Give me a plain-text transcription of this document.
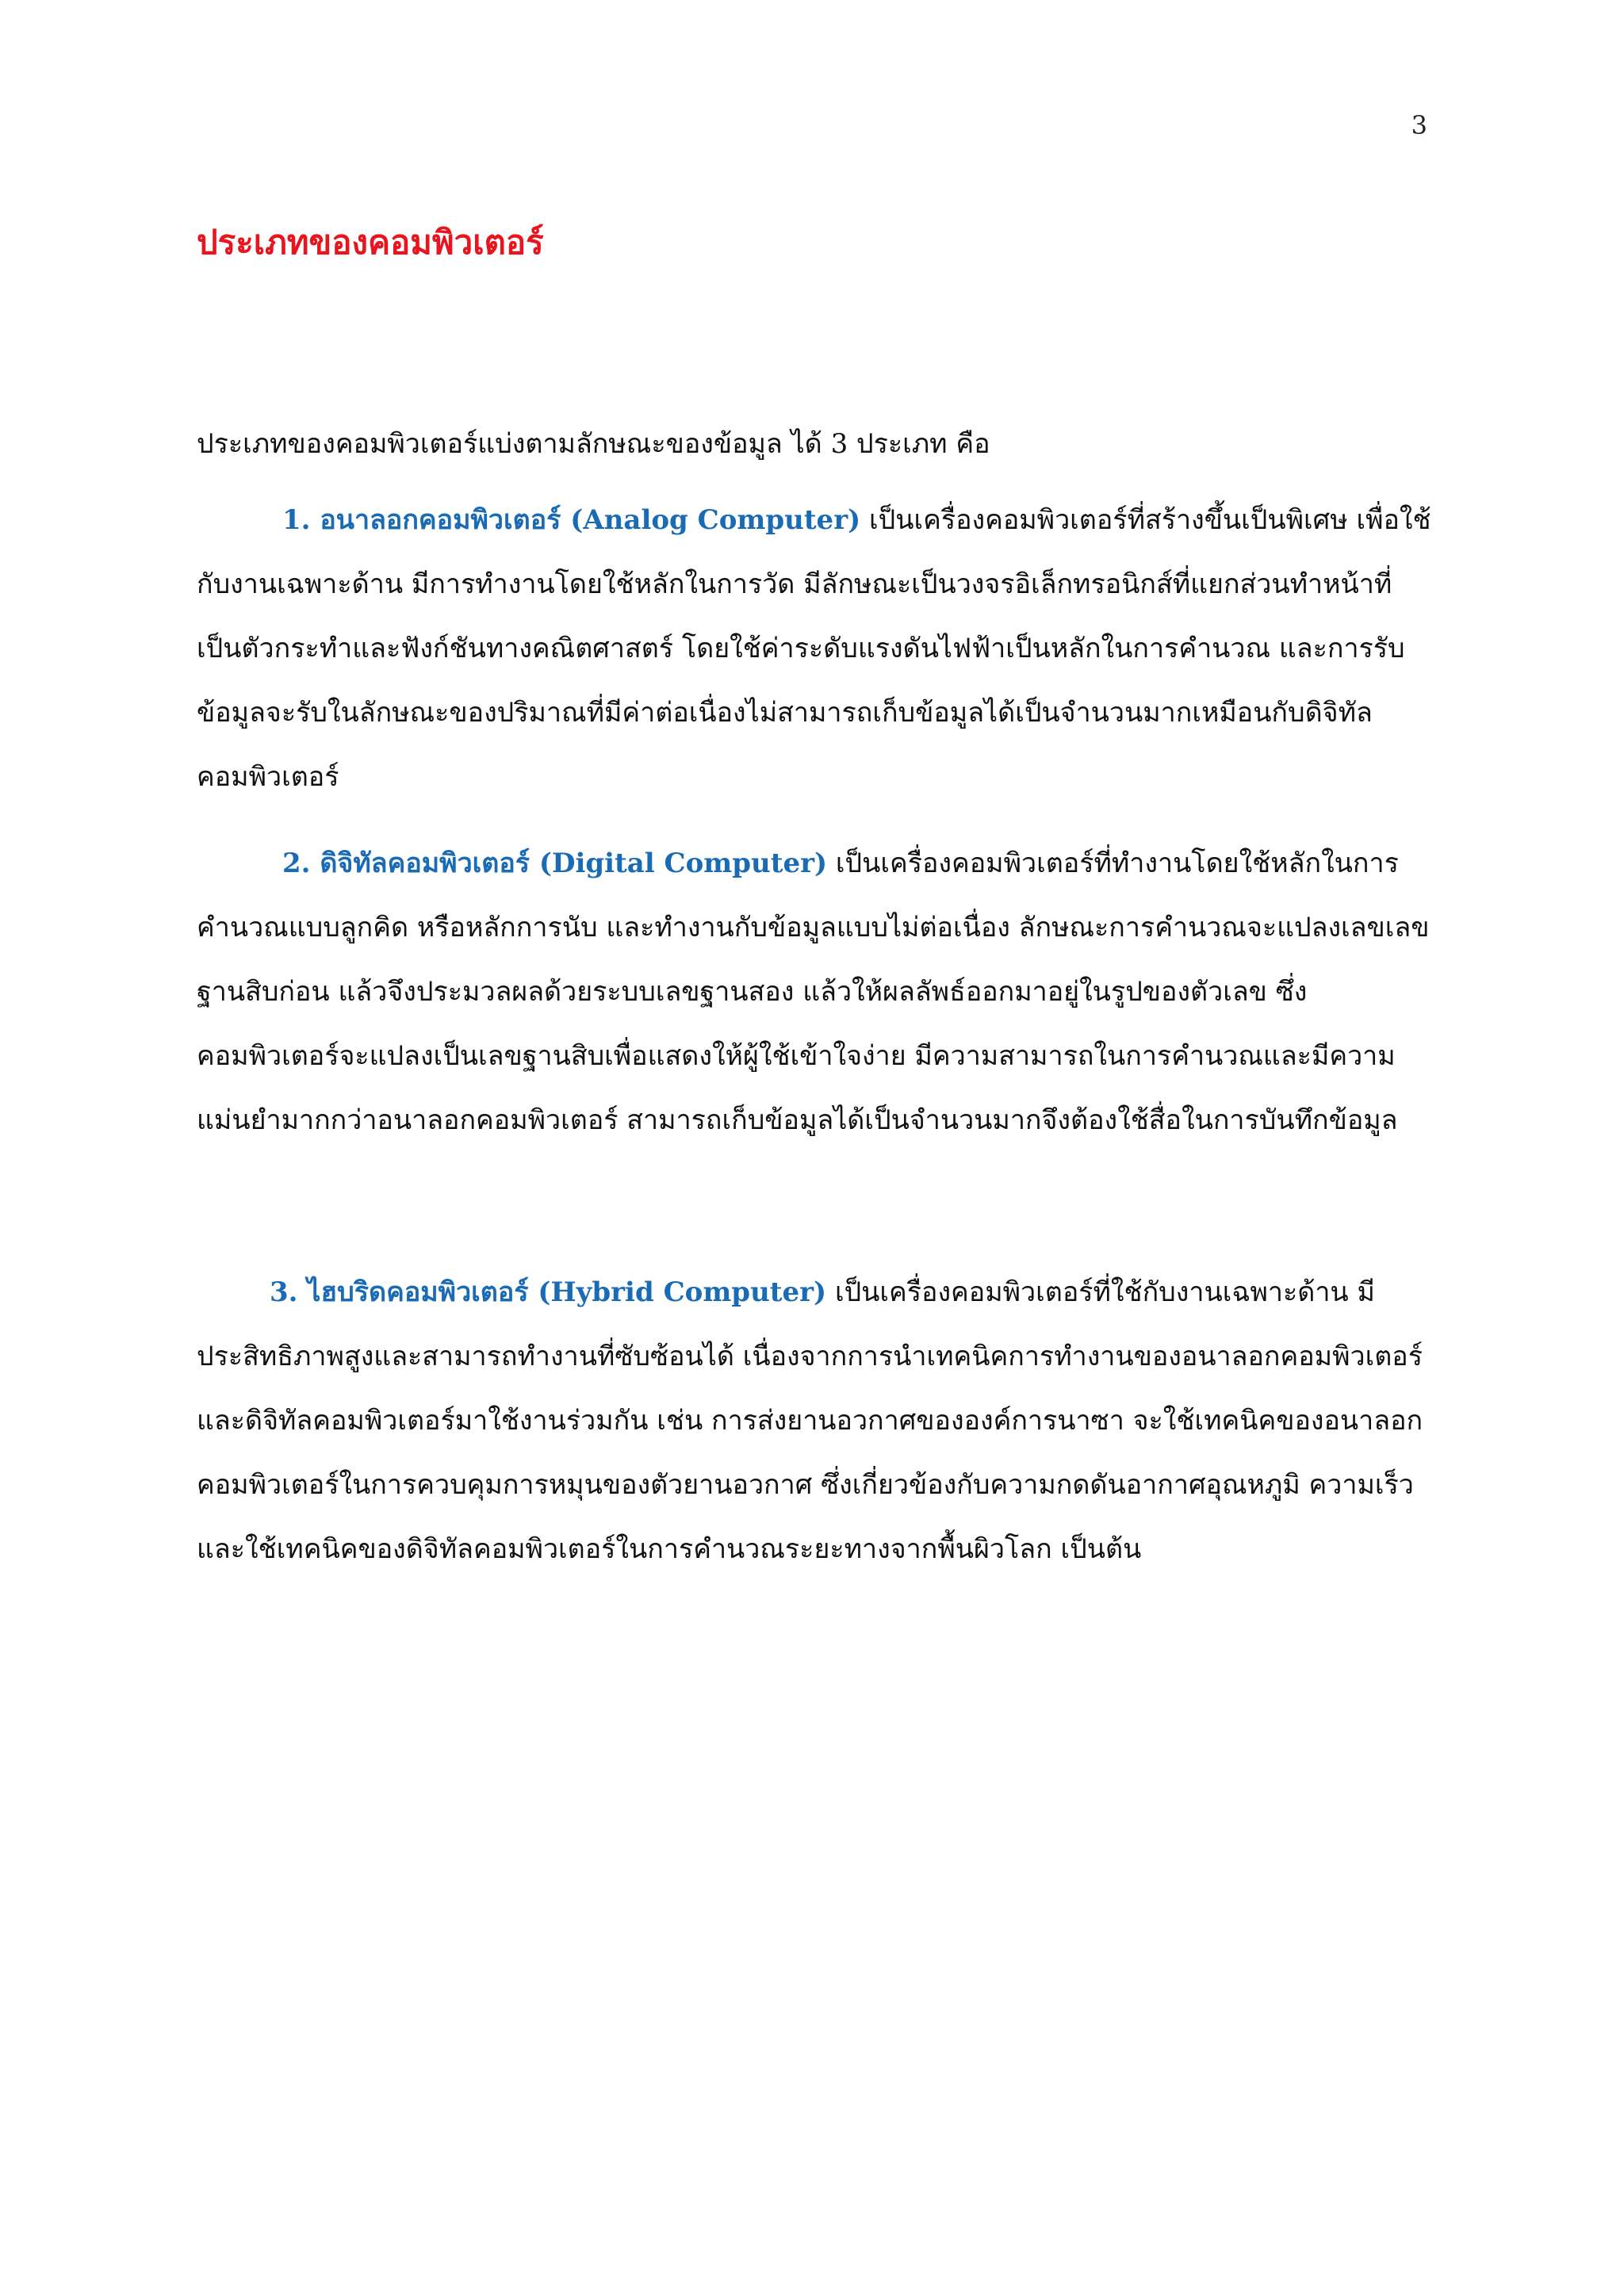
3
ประเภทของคอมพิวเตอร์

ประเภทของคอมพิวเตอร์แบ่งตามลักษณะของข้อมูล ได้ 3 ประเภท คือ

1. อนาลอกคอมพิวเตอร์ (Analog Computer) เป็นเครื่องคอมพิวเตอร์ที่สร้างขึ้นเป็นพิเศษ เพื่อใช้กับงานเฉพาะด้าน มีการทำงานโดยใช้หลักในการวัด มีลักษณะเป็นวงจรอิเล็กทรอนิกส์ที่แยกส่วนทำหน้าที่เป็นตัวกระทำและฟังก์ชันทางคณิตศาสตร์ โดยใช้ค่าระดับแรงดันไฟฟ้าเป็นหลักในการคำนวณ และการรับข้อมูลจะรับในลักษณะของปริมาณที่มีค่าต่อเนื่องไม่สามารถเก็บข้อมูลได้เป็นจำนวนมากเหมือนกับดิจิทัลคอมพิวเตอร์

2. ดิจิทัลคอมพิวเตอร์ (Digital Computer) เป็นเครื่องคอมพิวเตอร์ที่ทำงานโดยใช้หลักในการคำนวณแบบลูกคิด หรือหลักการนับ และทำงานกับข้อมูลแบบไม่ต่อเนื่อง ลักษณะการคำนวณจะแปลงเลขเลขฐานสิบก่อน แล้วจึงประมวลผลด้วยระบบเลขฐานสอง แล้วให้ผลลัพธ์ออกมาอยู่ในรูปของตัวเลข ซึ่งคอมพิวเตอร์จะแปลงเป็นเลขฐานสิบเพื่อแสดงให้ผู้ใช้เข้าใจง่าย มีความสามารถในการคำนวณและมีความแม่นยำมากกว่าอนาลอกคอมพิวเตอร์ สามารถเก็บข้อมูลได้เป็นจำนวนมากจึงต้องใช้สื่อในการบันทึกข้อมูล

3. ไฮบริดคอมพิวเตอร์ (Hybrid Computer) เป็นเครื่องคอมพิวเตอร์ที่ใช้กับงานเฉพาะด้าน มีประสิทธิภาพสูงและสามารถทำงานที่ซับซ้อนได้ เนื่องจากการนำเทคนิคการทำงานของอนาลอกคอมพิวเตอร์และดิจิทัลคอมพิวเตอร์มาใช้งานร่วมกัน เช่น การส่งยานอวกาศขององค์การนาซา จะใช้เทคนิคของอนาลอกคอมพิวเตอร์ในการควบคุมการหมุนของตัวยานอวกาศ ซึ่งเกี่ยวข้องกับความกดดันอากาศอุณหภูมิ ความเร็ว และใช้เทคนิคของดิจิทัลคอมพิวเตอร์ในการคำนวณระยะทางจากพื้นผิวโลก เป็นต้น
